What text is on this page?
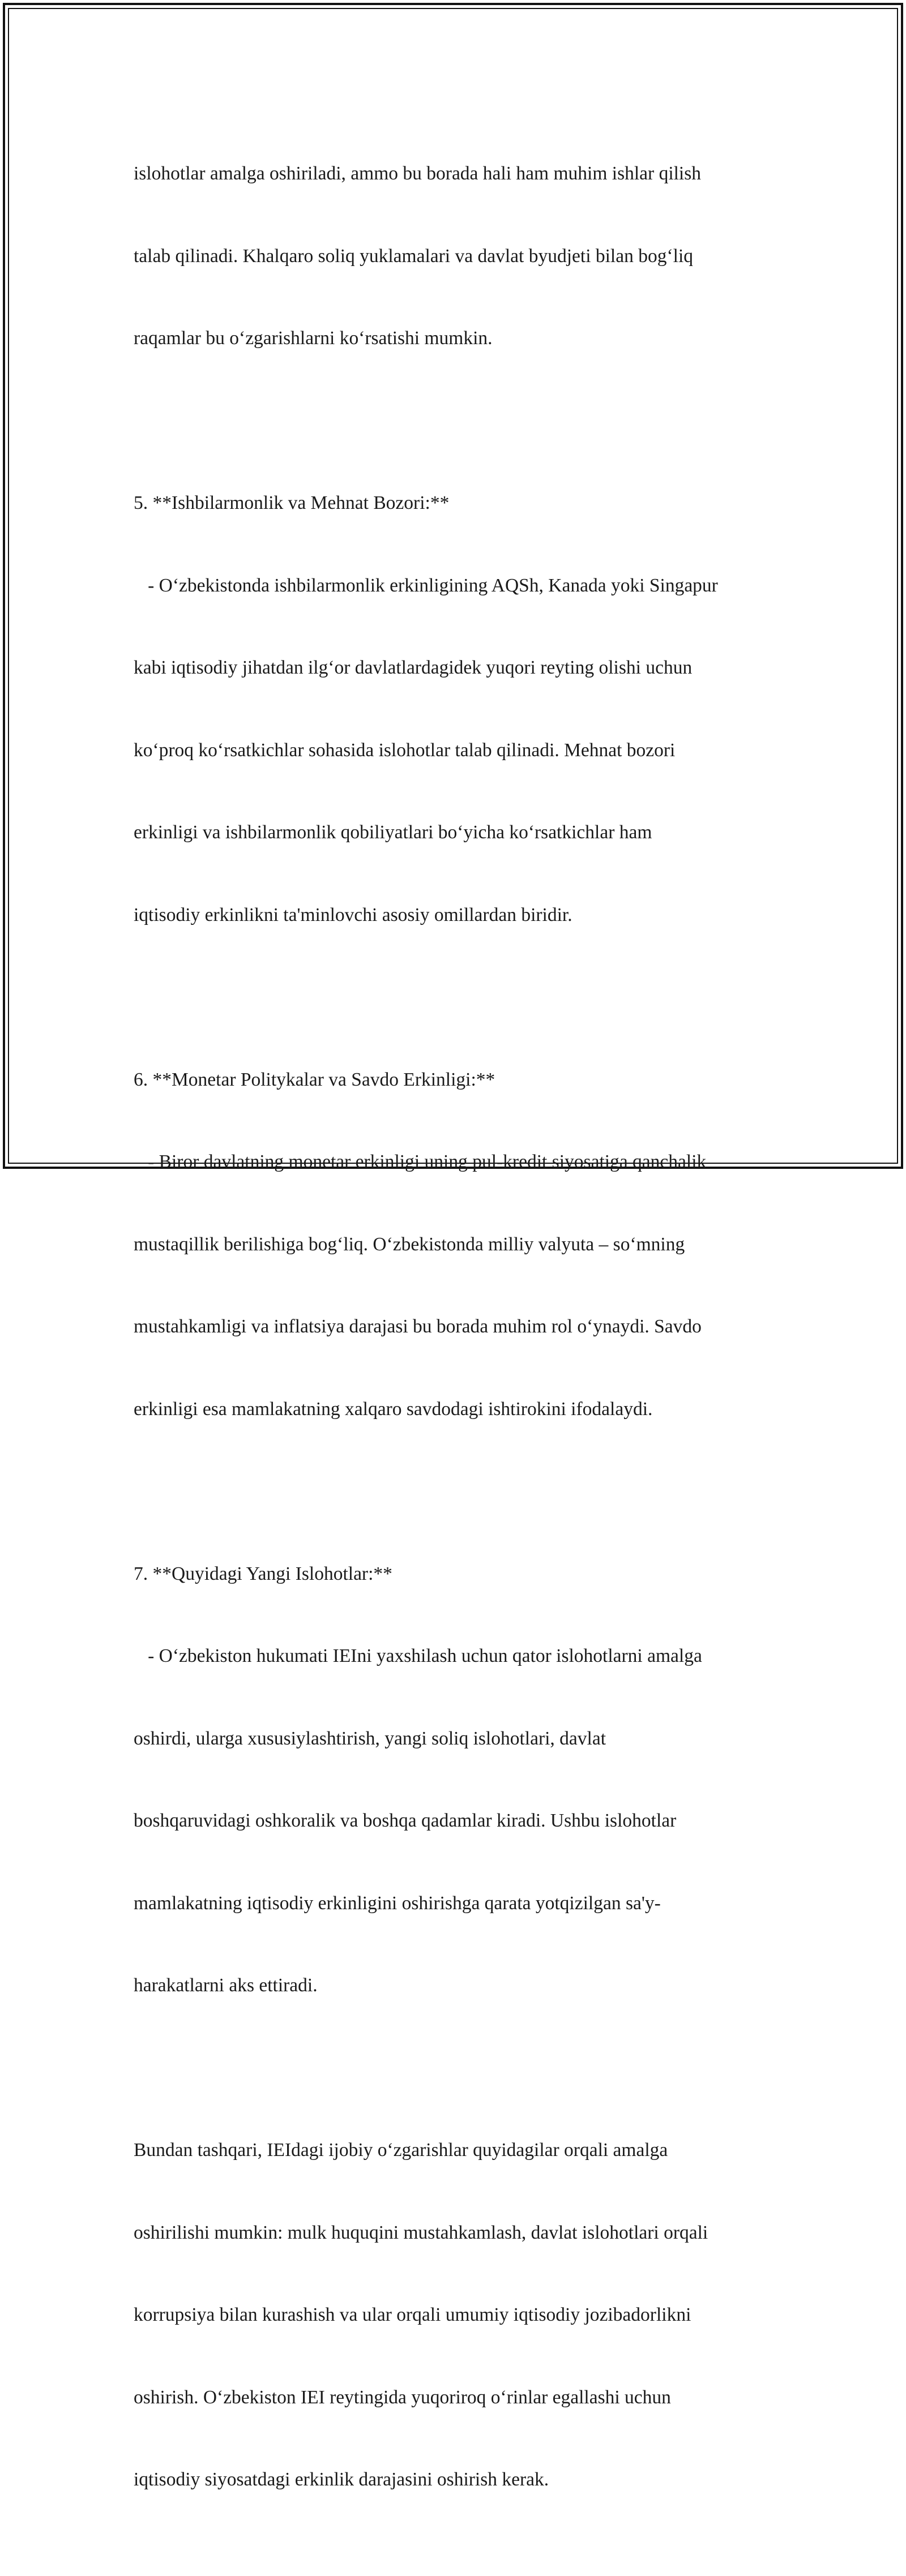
islohotlar amalga oshiriladi, ammo bu borada hali ham muhim ishlar qilish

talab qilinadi. Khalqaro soliq yuklamalari va davlat byudjeti bilan bog‘liq

raqamlar bu o‘zgarishlarni ko‘rsatishi mumkin.

5. **Ishbilarmonlik va Mehnat Bozori:**

- O‘zbekistonda ishbilarmonlik erkinligining AQSh, Kanada yoki Singapur

kabi iqtisodiy jihatdan ilg‘or davlatlardagidek yuqori reyting olishi uchun

ko‘proq ko‘rsatkichlar sohasida islohotlar talab qilinadi. Mehnat bozori

erkinligi va ishbilarmonlik qobiliyatlari bo‘yicha ko‘rsatkichlar ham

iqtisodiy erkinlikni ta'minlovchi asosiy omillardan biridir.

6. **Monetar Politykalar va Savdo Erkinligi:**

- Biror davlatning monetar erkinligi uning pul-kredit siyosatiga qanchalik

mustaqillik berilishiga bog‘liq. O‘zbekistonda milliy valyuta – so‘mning

mustahkamligi va inflatsiya darajasi bu borada muhim rol o‘ynaydi. Savdo

erkinligi esa mamlakatning xalqaro savdodagi ishtirokini ifodalaydi.

7. **Quyidagi Yangi Islohotlar:**

- O‘zbekiston hukumati IEIni yaxshilash uchun qator islohotlarni amalga

oshirdi, ularga xususiylashtirish, yangi soliq islohotlari, davlat

boshqaruvidagi oshkoralik va boshqa qadamlar kiradi. Ushbu islohotlar

mamlakatning iqtisodiy erkinligini oshirishga qarata yotqizilgan sa'y-

harakatlarni aks ettiradi.

Bundan tashqari, IEIdagi ijobiy o‘zgarishlar quyidagilar orqali amalga

oshirilishi mumkin: mulk huquqini mustahkamlash, davlat islohotlari orqali

korrupsiya bilan kurashish va ular orqali umumiy iqtisodiy jozibadorlikni

oshirish. O‘zbekiston IEI reytingida yuqoriroq o‘rinlar egallashi uchun

iqtisodiy siyosatdagi erkinlik darajasini oshirish kerak.
